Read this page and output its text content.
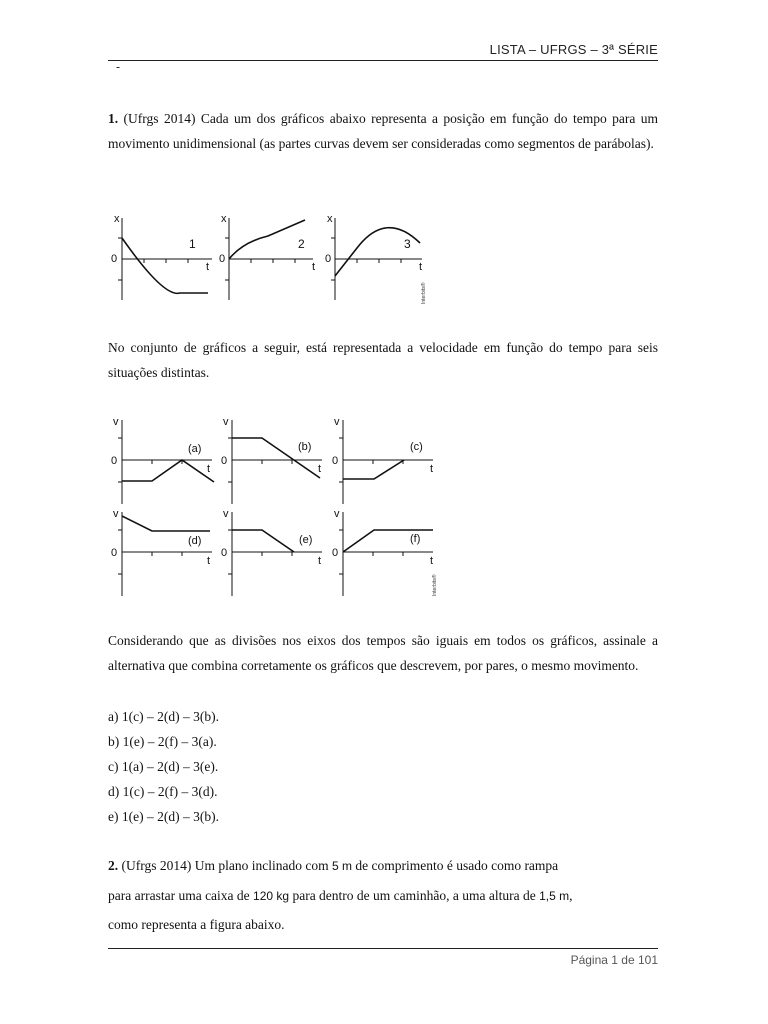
LISTA – UFRGS – 3ª SÉRIE
-
1. (Ufrgs 2014) Cada um dos gráficos abaixo representa a posição em função do tempo para um movimento unidimensional (as partes curvas devem ser consideradas como segmentos de parábolas).
x	x	x
0	0	0
t	t	t
1	2	3
Interbits®
No conjunto de gráficos a seguir, está representada a velocidade em função do tempo para seis situações distintas.
v	v	v
v	v	v
0	0	0
0	0	0
t	t	t
t	t	t
(a)	(b)	(c)
(d)	(e)	(f)
Interbits®
Considerando que as divisões nos eixos dos tempos são iguais em todos os gráficos, assinale a alternativa que combina corretamente os gráficos que descrevem, por pares, o mesmo movimento.
a) 1(c) – 2(d) – 3(b).
b) 1(e) – 2(f) – 3(a).
c) 1(a) – 2(d) – 3(e).
d) 1(c) – 2(f) – 3(d).
e) 1(e) – 2(d) – 3(b).
2. (Ufrgs 2014) Um plano inclinado com 5 m de comprimento é usado como rampa
para arrastar uma caixa de 120 kg para dentro de um caminhão, a uma altura de 1,5 m,
como representa a figura abaixo.
Página 1 de 101
